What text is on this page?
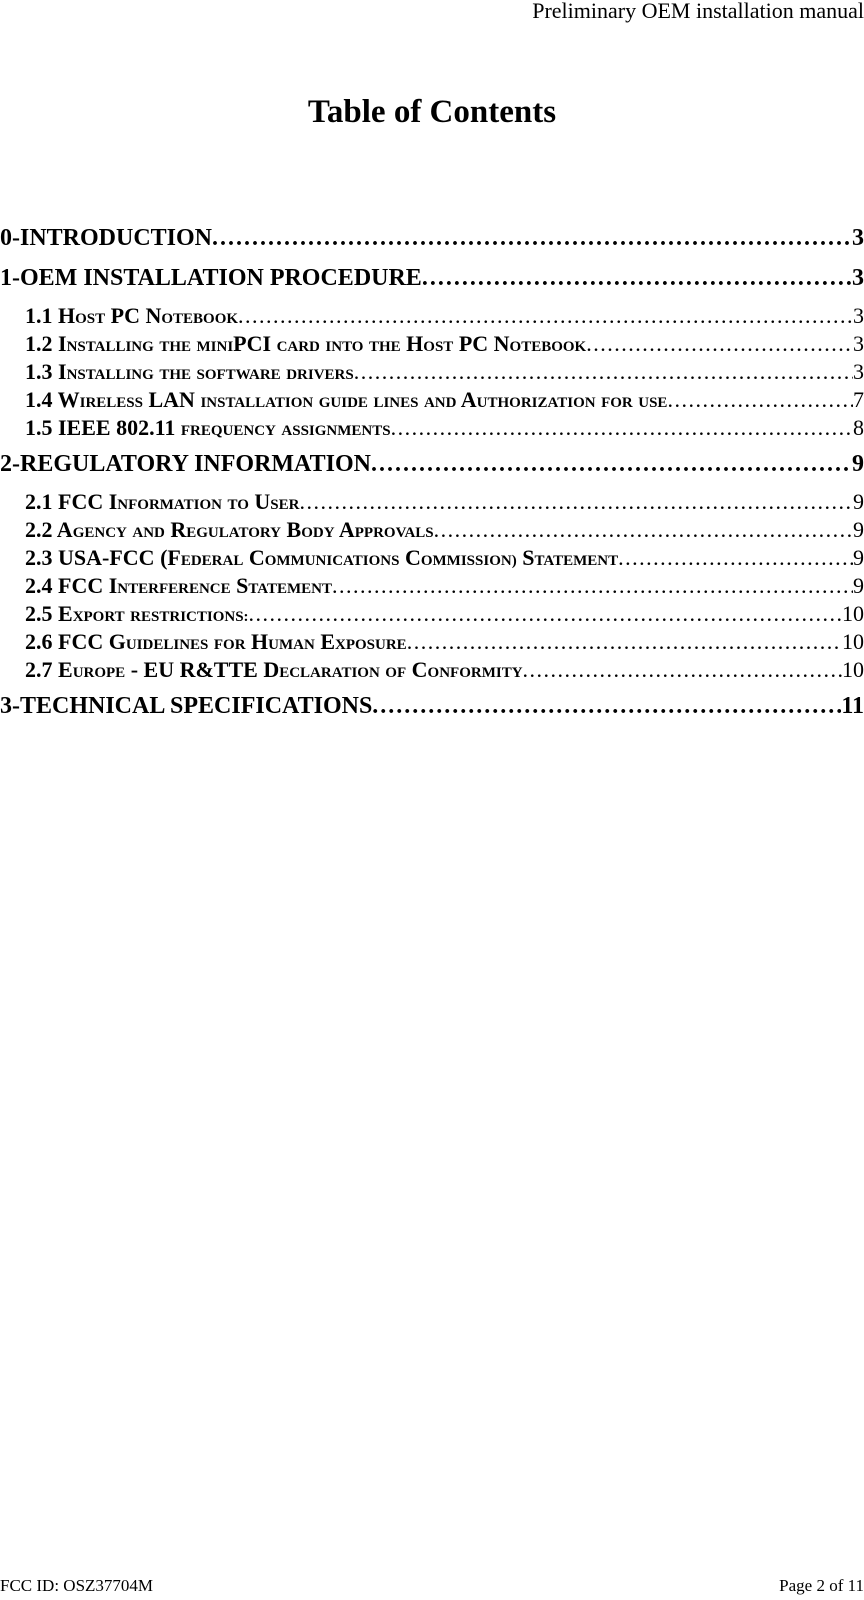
Preliminary OEM installation manual
Table of Contents
0-INTRODUCTION . . .	3
1-OEM INSTALLATION PROCEDURE . . .	3
1.1 HOST PC NOTEBOOK . . .	3
1.2 INSTALLING THE MINIPCI CARD INTO THE HOST PC NOTEBOOK . . .	3
1.3 INSTALLING THE SOFTWARE DRIVERS . . .	3
1.4 WIRELESS LAN INSTALLATION GUIDE LINES AND AUTHORIZATION FOR USE . . .	7
1.5 IEEE 802.11 FREQUENCY ASSIGNMENTS . . .	8
2-REGULATORY INFORMATION . . .	9
2.1 FCC INFORMATION TO USER . . .	9
2.2 AGENCY AND REGULATORY BODY APPROVALS . . .	9
2.3 USA-FCC (FEDERAL COMMUNICATIONS COMMISSION) STATEMENT . . .	9
2.4 FCC INTERFERENCE STATEMENT . . .	9
2.5 EXPORT RESTRICTIONS: . . .	10
2.6 FCC GUIDELINES FOR HUMAN EXPOSURE . . .	10
2.7 EUROPE - EU R&TTE DECLARATION OF CONFORMITY . . .	10
3-TECHNICAL SPECIFICATIONS . . .	11
FCC ID: OSZ37704M	Page 2 of 11
